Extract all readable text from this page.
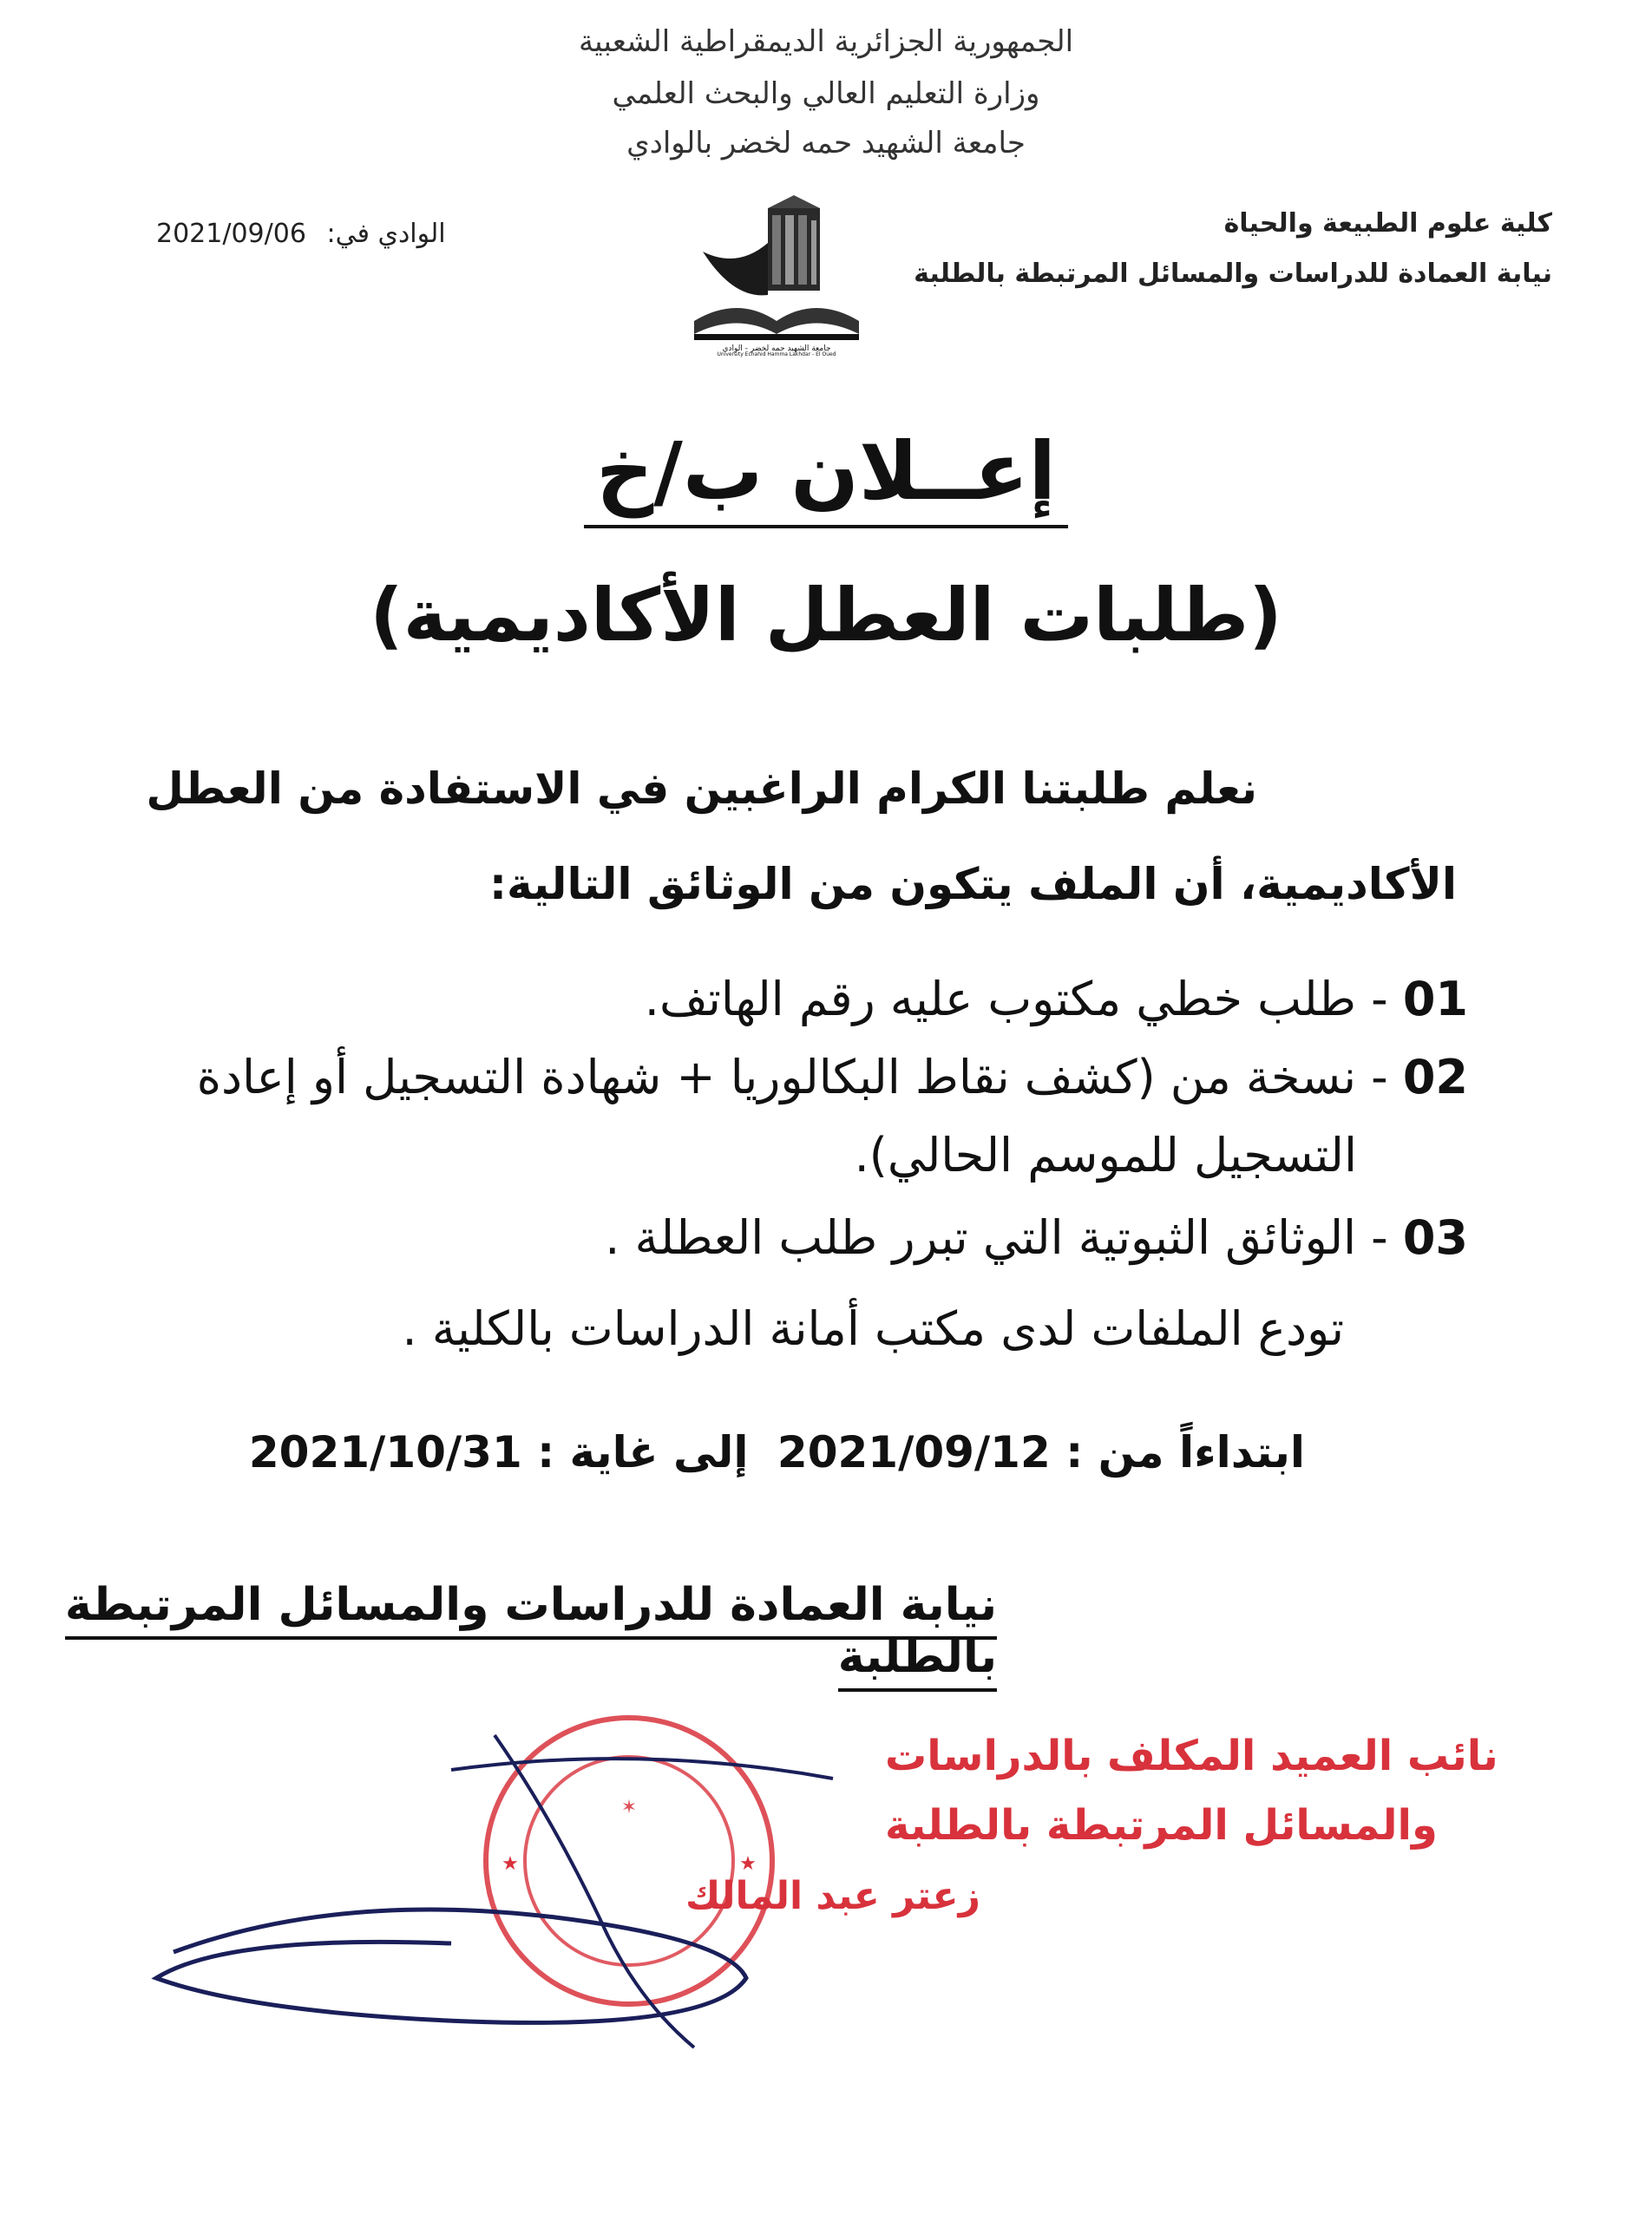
الجمهورية الجزائرية الديمقراطية الشعبية
وزارة التعليم العالي والبحث العلمي
جامعة الشهيد حمه لخضر بالوادي
كلية علوم الطبيعة والحياة
نيابة العمادة للدراسات والمسائل المرتبطة بالطلبة
الوادي في: 2021/09/06
جامعة الشهيد حمه لخضر - الوادي
University Echahid Hamma Lakhdar - El Oued
إعــلان ب/خ
(طلبات العطل الأكاديمية)
نعلم طلبتنا الكرام الراغبين في الاستفادة من العطل
الأكاديمية، أن الملف يتكون من الوثائق التالية:
01 - طلب خطي مكتوب عليه رقم الهاتف.
02 - نسخة من (كشف نقاط البكالوريا + شهادة التسجيل أو إعادة
التسجيل للموسم الحالي).
03 - الوثائق الثبوتية التي تبرر طلب العطلة .
تودع الملفات لدى مكتب أمانة الدراسات بالكلية .
ابتداءاً من : 2021/09/12 إلى غاية : 2021/10/31
نيابة العمادة للدراسات والمسائل المرتبطة بالطلبة
✶
★	★
نائب العميد المكلف بالدراسات
والمسائل المرتبطة بالطلبة
زعتر عبد المالك
